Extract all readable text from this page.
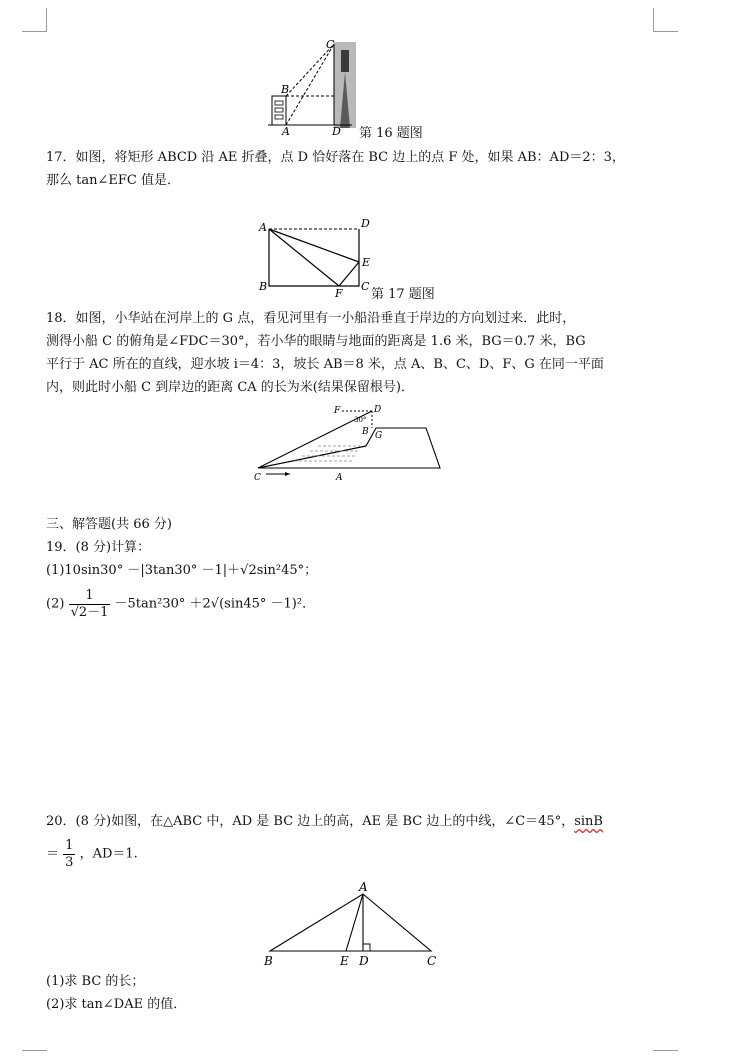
C
B
A	D 第 16 题图
17．如图，将矩形 ABCD 沿 AE 折叠，点 D 恰好落在 BC 边上的点 F 处，如果 AB：AD＝2：3，
那么 tan∠EFC 值是．
A	D
E
B
F
C
第 17 题图
18．如图，小华站在河岸上的 G 点，看见河里有一小船沿垂直于岸边的方向划过来．此时，
测得小船 C 的俯角是∠FDC＝30°，若小华的眼睛与地面的距离是 1.6 米，BG＝0.7 米，BG
平行于 AC 所在的直线，迎水坡 i＝4：3，坡长 AB＝8 米，点 A、B、C、D、F、G 在同一平面
内，则此时小船 C 到岸边的距离 CA 的长为米(结果保留根号)．
F	D
30°
B G
C	A
三、解答题(共 66 分)
19．(8 分)计算：
(1)10sin30° －|3tan30° －1|＋√2sin²45°；
$(2) \frac{1}{√2-1} -5\tan^230^\circ +2√(\sin 45^\circ -1)^2$．
20．(8 分)如图，在△ABC 中，AD 是 BC 边上的高，AE 是 BC 边上的中线，∠C＝45°，sinB
＝ $\frac{1}{3}$ ，AD＝1.
A
B	E D	C
(1)求 BC 的长；
(2)求 tan∠DAE 的值．
